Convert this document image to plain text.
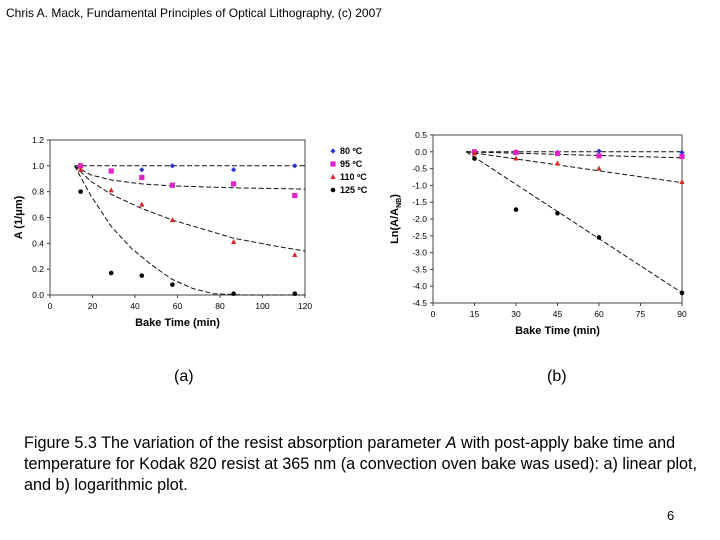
Chris A. Mack, Fundamental Principles of Optical Lithography, (c) 2007
0	20	40	60	80	100	120
0.0
0.2
0.4
0.6
0.8
1.0
1.2
Bake Time (min)
A (1/μm)
80 ºC
95 ºC
110 ºC
125 ºC
0	15	30	45	60	75	90
0.5
0.0
-0.5
-1.0
-1.5
-2.0
-2.5
-3.0
-3.5
-4.0
-4.5
Bake Time (min)
$Ln(A/A_{NB})$
(a)	(b)
Figure 5.3 The variation of the resist absorption parameter A with post-apply bake time and temperature for Kodak 820 resist at 365 nm (a convection oven bake was used): a) linear plot, and b) logarithmic plot.
6
